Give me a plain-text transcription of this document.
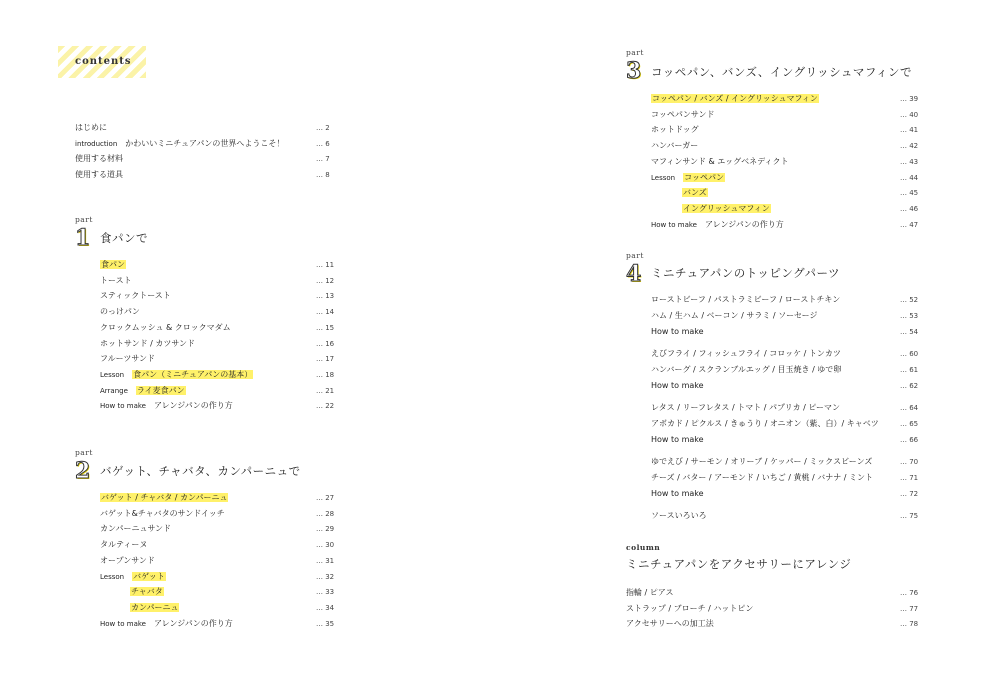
contents
はじめに	… 2
introduction かわいいミニチュアパンの世界へようこそ！	… 6
使用する材料	… 7
使用する道具	… 8
part
1 食パンで
食パン	… 11
トースト	… 12
スティックトースト	… 13
のっけパン	… 14
クロックムッシュ & クロックマダム	… 15
ホットサンド / カツサンド	… 16
フルーツサンド	… 17
Lesson 食パン（ミニチュアパンの基本）	… 18
Arrange ライ麦食パン	… 21
How to make アレンジパンの作り方	… 22
part
2 バゲット、チャバタ、カンパーニュで
バゲット / チャバタ / カンパーニュ	… 27
バゲット&チャバタのサンドイッチ	… 28
カンパーニュサンド	… 29
タルティーヌ	… 30
オープンサンド	… 31
Lesson バゲット	… 32
チャバタ	… 33
カンパーニュ	… 34
How to make アレンジパンの作り方	… 35
part
3 コッペパン、バンズ、イングリッシュマフィンで
コッペパン / バンズ / イングリッシュマフィン	… 39
コッペパンサンド	… 40
ホットドッグ	… 41
ハンバーガー	… 42
マフィンサンド & エッグベネディクト	… 43
Lesson コッペパン	… 44
バンズ	… 45
イングリッシュマフィン	… 46
How to make アレンジパンの作り方	… 47
part
4 ミニチュアパンのトッピングパーツ
ローストビーフ / パストラミビーフ / ローストチキン	… 52
ハム / 生ハム / ベーコン / サラミ / ソーセージ	… 53
How to make	… 54
えびフライ / フィッシュフライ / コロッケ / トンカツ	… 60
ハンバーグ / スクランブルエッグ / 目玉焼き / ゆで卵	… 61
How to make	… 62
レタス / リーフレタス / トマト / パプリカ / ピーマン	… 64
アボカド / ピクルス / きゅうり / オニオン（紫、白）/ キャベツ	… 65
How to make	… 66
ゆでえび / サーモン / オリーブ / ケッパー / ミックスビーンズ	… 70
チーズ / バター / アーモンド / いちご / 黄桃 / バナナ / ミント	… 71
How to make	… 72
ソースいろいろ	… 75
column
ミニチュアパンをアクセサリーにアレンジ
指輪 / ピアス	… 76
ストラップ / ブローチ / ハットピン	… 77
アクセサリーへの加工法	… 78
